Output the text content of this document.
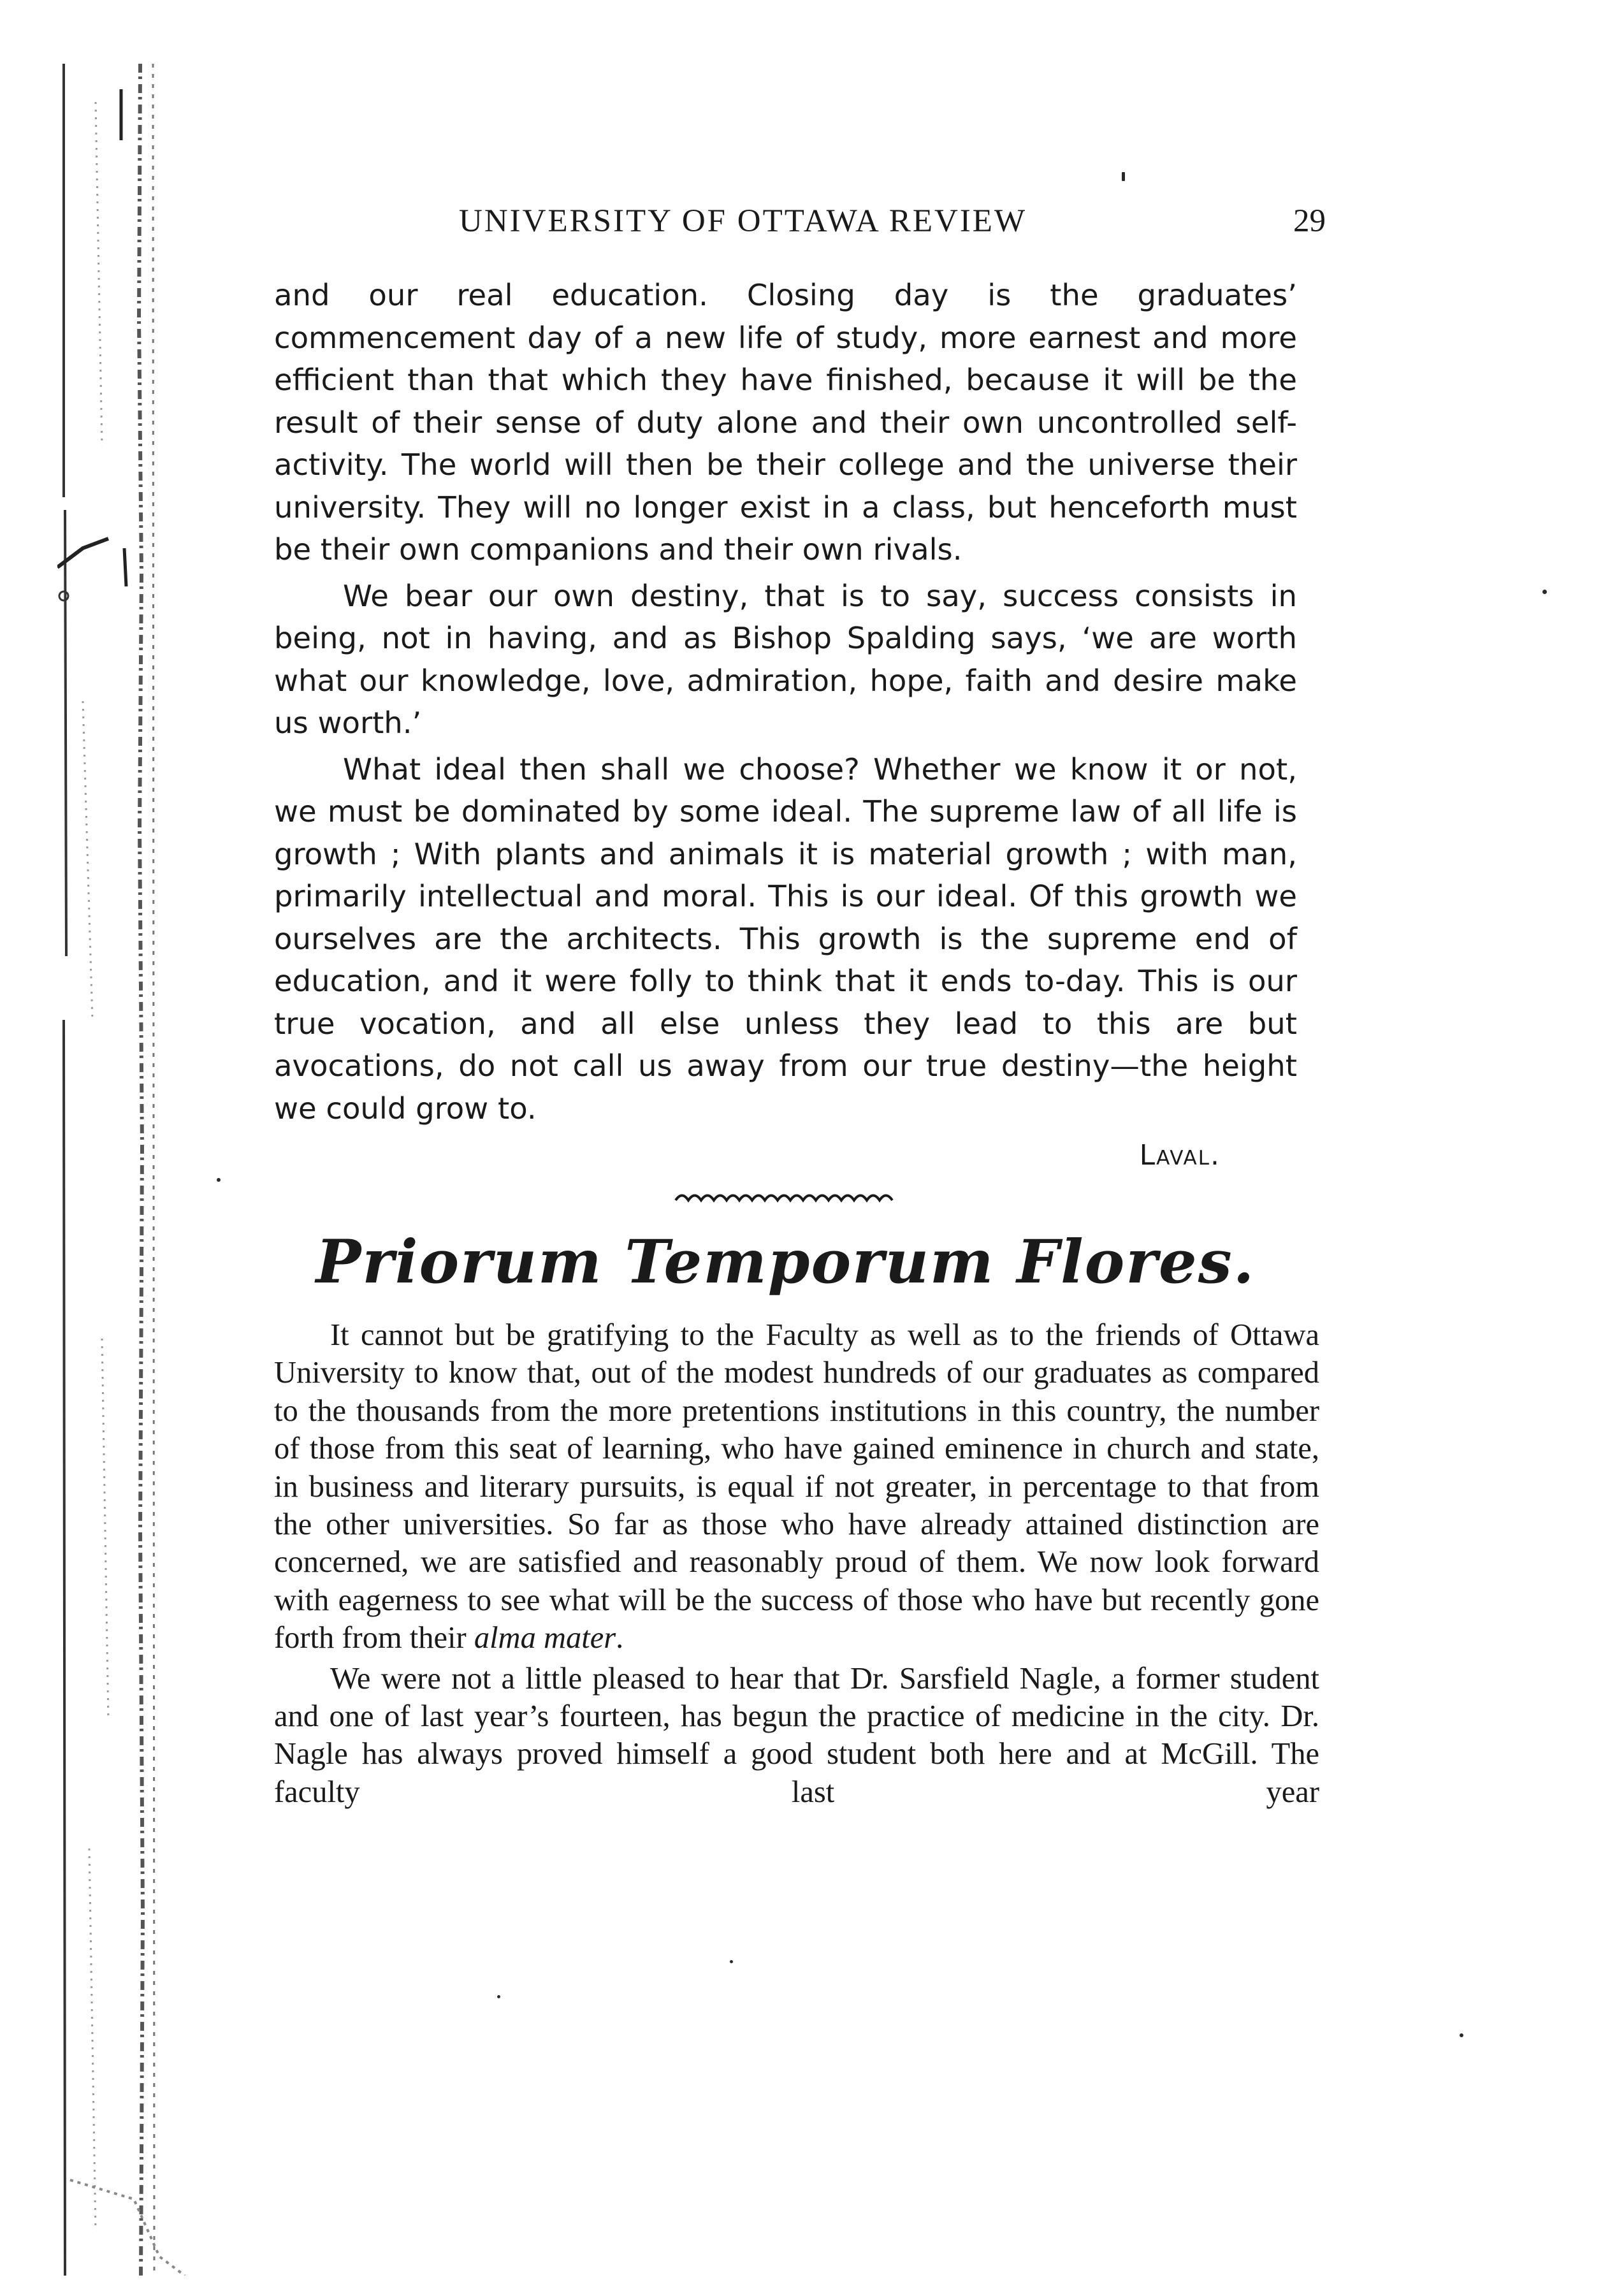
UNIVERSITY OF OTTAWA REVIEW	29

and our real education. Closing day is the graduates’ commencement day of a new life of study, more earnest and more efficient than that which they have finished, because it will be the result of their sense of duty alone and their own uncontrolled self-activity. The world will then be their college and the universe their university. They will no longer exist in a class, but henceforth must be their own companions and their own rivals.

We bear our own destiny, that is to say, success consists in being, not in having, and as Bishop Spalding says, ‘we are worth what our knowledge, love, admiration, hope, faith and desire make us worth.’

What ideal then shall we choose? Whether we know it or not, we must be dominated by some ideal. The supreme law of all life is growth ; With plants and animals it is material growth ; with man, primarily intellectual and moral. This is our ideal. Of this growth we ourselves are the architects. This growth is the supreme end of education, and it were folly to think that it ends to-day. This is our true vocation, and all else unless they lead to this are but avocations, do not call us away from our true destiny—the height we could grow to.

Laval.

Priorum Temporum Flores.

It cannot but be gratifying to the Faculty as well as to the friends of Ottawa University to know that, out of the modest hundreds of our graduates as compared to the thousands from the more pretentions institutions in this country, the number of those from this seat of learning, who have gained eminence in church and state, in business and literary pursuits, is equal if not greater, in percentage to that from the other universities. So far as those who have already attained distinction are concerned, we are satisfied and reasonably proud of them. We now look forward with eagerness to see what will be the success of those who have but recently gone forth from their alma mater.

We were not a little pleased to hear that Dr. Sarsfield Nagle, a former student and one of last year’s fourteen, has begun the practice of medicine in the city. Dr. Nagle has always proved himself a good student both here and at McGill. The faculty last year
